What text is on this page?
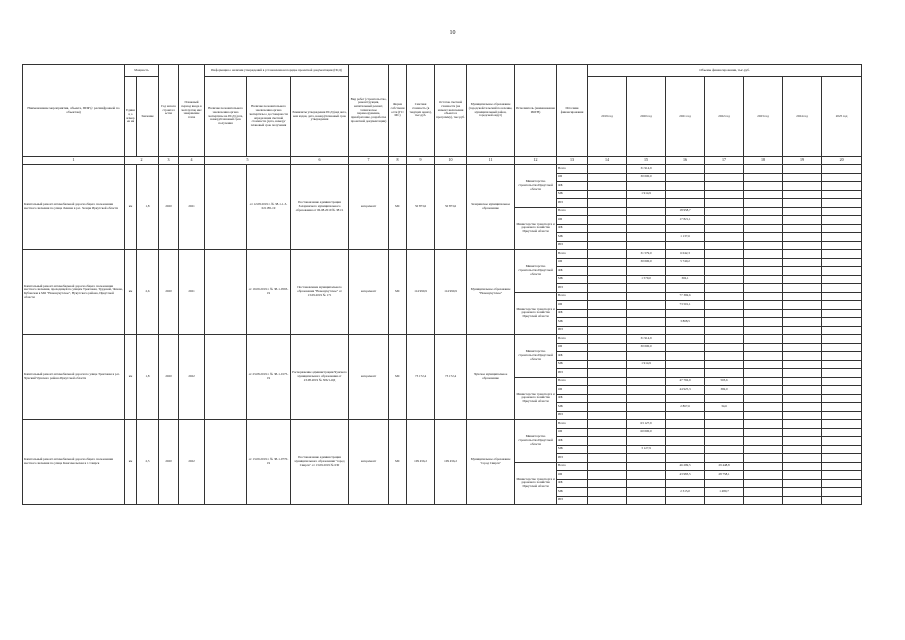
10
Наименование мероприятия, объекта, ПИР (с расшифровкой по объектам)	Мощность		Год начала строител ьства	Плановый период ввода в эксплуатац ию/завершение этапа	Информация о наличии утверждений в установленном порядке проектной документации (ПСД)			Вид работ (строительство, реконструкция, капитальный ремонт, техническое перевооружение, приобретение, разработка проектной документации)	Форма собственности (ГС/МС)	Сметная стоимость (в текущих ценах), тыс.руб.	Остаток сметной стоимости (на момент включения объекта в программу), тыс.руб.	Муниципальное образование (городской/сельский поселение, муниципальный район, городской округ)	Исполнитель (наименование ИОГВ)	Источник финансирования	Объемы финансирования, тыс.руб.						
	Единиц а измерен ия	Значение			Наличие положительного заключения органа экспертизы на ПСД (дата, номер)/плановый срок получения	Наличие положительного заключения органа экспертизы о достоверности определения сметной стоимости (дата, номер)/плановый срок получения	Реквизиты утверждения ПСД (вид акта, кем издан, дата, номер)/плановый срок утверждения								2019 год	2020 год	2021 год	2022 год	2023 год	2024 год	2025 год
1	2		3	4	5		6	7	8	9	10	11	12	13	14	15	16	17	18	19	20
Капитальный ремонт автомобильной дороги общего пользования местного значения по улице Ленина в р.п. Залари Иркутской области	км	1,8	2020	2021		от 12.08.2019 г. № 38-1-1-3-021185-19	Постановление администрации Заларинского муниципального образования от 06.08.2019 № 381/1	кап.ремонт	МС	50 873,6	50 873,6	Заларинское муниципальное образование	Министерство строительства Иркутской области	Всего		31 914,9					
														ОБ		30 000,0					
														ФБ							
														МБ		1 914,9					
														ИИ							
													Министерство транспорта и дорожного хозяйства Иркутской области	Всего			18 958,7				
														ОБ			17 821,1				
														ФБ							
														МБ			1 137,6				
														ИИ							
Капитальный ремонт автомобильной дороги общего пользования местного значения, проходящей по улицам Трактовая, Трудовой, Чехова, Кубанская в МО "Новонукутское", Нукутского района, Иркутской области	км	2,6	2020	2021		от 19.09.2019 г. № 38-1-0593-19	Постановление муниципального образования "Новонукутское" от 13.09.2019 № 171	кап.ремонт	МС	114 990,9	114 990,9	Муниципальное образование "Новонукутское"	Министерство строительства Иркутской области	Всего		31 579,0	6 042,3				
														ОБ		30 000,0	5 740,2				
														ФБ							
														МБ		1 579,0	302,1				
														ИИ							
													Министерство транспорта и дорожного хозяйства Иркутской области	Всего			77 369,6				
														ОБ			73 501,1				
														ФБ							
														МБ			3 868,5				
														ИИ							
Капитальный ремонт автомобильной дороги по улице Трактовая в р.п. Чунский Чунского района Иркутской области	км	1,8	2020	2022		от 23.08.2019 г. № 38-1-0175-19	Распоряжение администрации Чунского муниципального образования от 23.08.2019 № 306/1-ОД	кап.ремонт	МС	73 172,4	73 172,4	Чунское муниципальное образование	Министерство строительства Иркутской области	Всего		31 914,9					
														ОБ		30 000,0					
														ФБ							
														МБ		1 914,9					
														ИИ							
													Министерство транспорта и дорожного хозяйства Иркутской области	Всего			47 792,9	503,6			
														ОБ			44 925,3	369,0			
														ФБ							
														МБ			2 867,6	34,6			
														ИИ							
Капитальный ремонт автомобильной дороги общего пользования местного значения по улице Комсомольская в г. Свирск	км	2,5	2020	2022		от 13.09.2019 г. № 38-1-0770-19	Постановление администрации муниципального образования "город Свирск" от 13.09.2019 № 630	кап.ремонт	МС	109 456,2	109 456,2	Муниципальное образование "город Свирск"	Министерство строительства Иркутской области	Всего		63 127,9					
														ОБ		60 000,0					
														ФБ							
														МБ		3 127,9					
														ИИ							
													Министерство транспорта и дорожного хозяйства Иркутской области	Всего			46 299,5	29 448,8			
														ОБ			43 983,5	28 758,1			
														ФБ							
														МБ			2 315,0	1 480,7			
														ИИ							
